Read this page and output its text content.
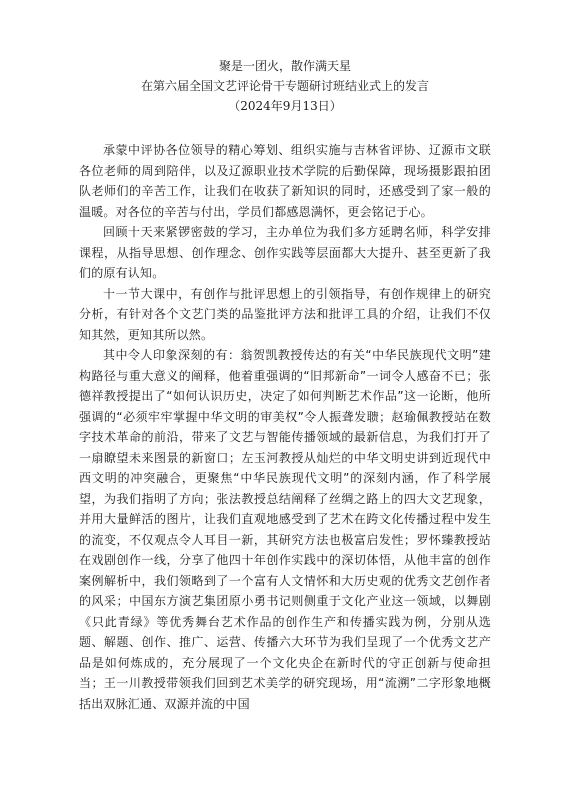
聚是一团火，散作满天星
在第六届全国文艺评论骨干专题研讨班结业式上的发言
（2024年9月13日）

承蒙中评协各位领导的精心筹划、组织实施与吉林省评协、辽源市文联各位老师的周到陪伴，以及辽源职业技术学院的后勤保障，现场摄影跟拍团队老师们的辛苦工作，让我们在收获了新知识的同时，还感受到了家一般的温暖。对各位的辛苦与付出，学员们都感恩满怀，更会铭记于心。

回顾十天来紧锣密鼓的学习，主办单位为我们多方延聘名师，科学安排课程，从指导思想、创作理念、创作实践等层面都大大提升、甚至更新了我们的原有认知。

十一节大课中，有创作与批评思想上的引领指导，有创作规律上的研究分析，有针对各个文艺门类的品鉴批评方法和批评工具的介绍，让我们不仅知其然，更知其所以然。

其中令人印象深刻的有：翁贺凯教授传达的有关“中华民族现代文明”建构路径与重大意义的阐释，他着重强调的“旧邦新命”一词令人感奋不已；张德祥教授提出了“如何认识历史，决定了如何判断艺术作品”这一论断，他所强调的“必须牢牢掌握中华文明的审美权”令人振聋发聩；赵瑜佩教授站在数字技术革命的前沿，带来了文艺与智能传播领域的最新信息，为我们打开了一扇瞭望未来图景的新窗口；左玉河教授从灿烂的中华文明史讲到近现代中西文明的冲突融合，更聚焦“中华民族现代文明”的深刻内涵，作了科学展望，为我们指明了方向；张法教授总结阐释了丝绸之路上的四大文艺现象，并用大量鲜活的图片，让我们直观地感受到了艺术在跨文化传播过程中发生的流变，不仅观点令人耳目一新，其研究方法也极富启发性；罗怀臻教授站在戏剧创作一线，分享了他四十年创作实践中的深切体悟，从他丰富的创作案例解析中，我们领略到了一个富有人文情怀和大历史观的优秀文艺创作者的风采；中国东方演艺集团原小勇书记则侧重于文化产业这一领域，以舞剧《只此青绿》等优秀舞台艺术作品的创作生产和传播实践为例，分别从选题、解题、创作、推广、运营、传播六大环节为我们呈现了一个优秀文艺产品是如何炼成的，充分展现了一个文化央企在新时代的守正创新与使命担当；王一川教授带领我们回到艺术美学的研究现场，用“流溯”二字形象地概括出双脉汇通、双源并流的中国
